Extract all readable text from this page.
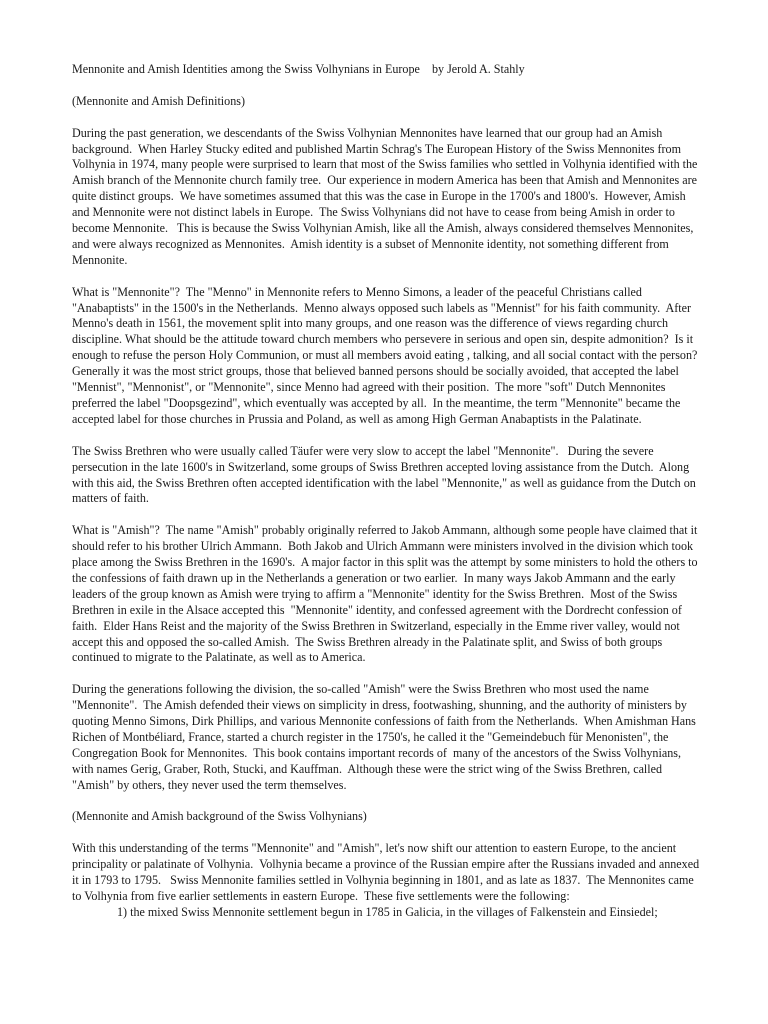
Mennonite and Amish Identities among the Swiss Volhynians in Europe    by Jerold A. Stahly

(Mennonite and Amish Definitions)

During the past generation, we descendants of the Swiss Volhynian Mennonites have learned that our group had an Amish background.  When Harley Stucky edited and published Martin Schrag's The European History of the Swiss Mennonites from Volhynia in 1974, many people were surprised to learn that most of the Swiss families who settled in Volhynia identified with the Amish branch of the Mennonite church family tree.  Our experience in modern America has been that Amish and Mennonites are quite distinct groups.  We have sometimes assumed that this was the case in Europe in the 1700's and 1800's.  However, Amish and Mennonite were not distinct labels in Europe.  The Swiss Volhynians did not have to cease from being Amish in order to become Mennonite.   This is because the Swiss Volhynian Amish, like all the Amish, always considered themselves Mennonites, and were always recognized as Mennonites.  Amish identity is a subset of Mennonite identity, not something different from Mennonite.

What is "Mennonite"?  The "Menno" in Mennonite refers to Menno Simons, a leader of the peaceful Christians called "Anabaptists" in the 1500's in the Netherlands.  Menno always opposed such labels as "Mennist" for his faith community.  After Menno's death in 1561, the movement split into many groups, and one reason was the difference of views regarding church discipline. What should be the attitude toward church members who persevere in serious and open sin, despite admonition?  Is it enough to refuse the person Holy Communion, or must all members avoid eating , talking, and all social contact with the person?  Generally it was the most strict groups, those that believed banned persons should be socially avoided, that accepted the label  "Mennist", "Mennonist", or "Mennonite", since Menno had agreed with their position.  The more "soft" Dutch Mennonites preferred the label "Doopsgezind", which eventually was accepted by all.  In the meantime, the term "Mennonite" became the accepted label for those churches in Prussia and Poland, as well as among High German Anabaptists in the Palatinate.

The Swiss Brethren who were usually called Täufer were very slow to accept the label "Mennonite".   During the severe persecution in the late 1600's in Switzerland, some groups of Swiss Brethren accepted loving assistance from the Dutch.  Along with this aid, the Swiss Brethren often accepted identification with the label "Mennonite," as well as guidance from the Dutch on matters of faith.

What is "Amish"?  The name "Amish" probably originally referred to Jakob Ammann, although some people have claimed that it should refer to his brother Ulrich Ammann.  Both Jakob and Ulrich Ammann were ministers involved in the division which took place among the Swiss Brethren in the 1690's.  A major factor in this split was the attempt by some ministers to hold the others to the confessions of faith drawn up in the Netherlands a generation or two earlier.  In many ways Jakob Ammann and the early leaders of the group known as Amish were trying to affirm a "Mennonite" identity for the Swiss Brethren.  Most of the Swiss Brethren in exile in the Alsace accepted this  "Mennonite" identity, and confessed agreement with the Dordrecht confession of faith.  Elder Hans Reist and the majority of the Swiss Brethren in Switzerland, especially in the Emme river valley, would not accept this and opposed the so-called Amish.  The Swiss Brethren already in the Palatinate split, and Swiss of both groups continued to migrate to the Palatinate, as well as to America.

During the generations following the division, the so-called "Amish" were the Swiss Brethren who most used the name "Mennonite".  The Amish defended their views on simplicity in dress, footwashing, shunning, and the authority of ministers by quoting Menno Simons, Dirk Phillips, and various Mennonite confessions of faith from the Netherlands.  When Amishman Hans Richen of Montbéliard, France, started a church register in the 1750's, he called it the "Gemeindebuch für Menonisten", the Congregation Book for Mennonites.  This book contains important records of  many of the ancestors of the Swiss Volhynians, with names Gerig, Graber, Roth, Stucki, and Kauffman.  Although these were the strict wing of the Swiss Brethren, called "Amish" by others, they never used the term themselves.

(Mennonite and Amish background of the Swiss Volhynians)

With this understanding of the terms "Mennonite" and "Amish", let's now shift our attention to eastern Europe, to the ancient principality or palatinate of Volhynia.  Volhynia became a province of the Russian empire after the Russians invaded and annexed it in 1793 to 1795.   Swiss Mennonite families settled in Volhynia beginning in 1801, and as late as 1837.  The Mennonites came to Volhynia from five earlier settlements in eastern Europe.  These five settlements were the following:

1) the mixed Swiss Mennonite settlement begun in 1785 in Galicia, in the villages of Falkenstein and Einsiedel;
